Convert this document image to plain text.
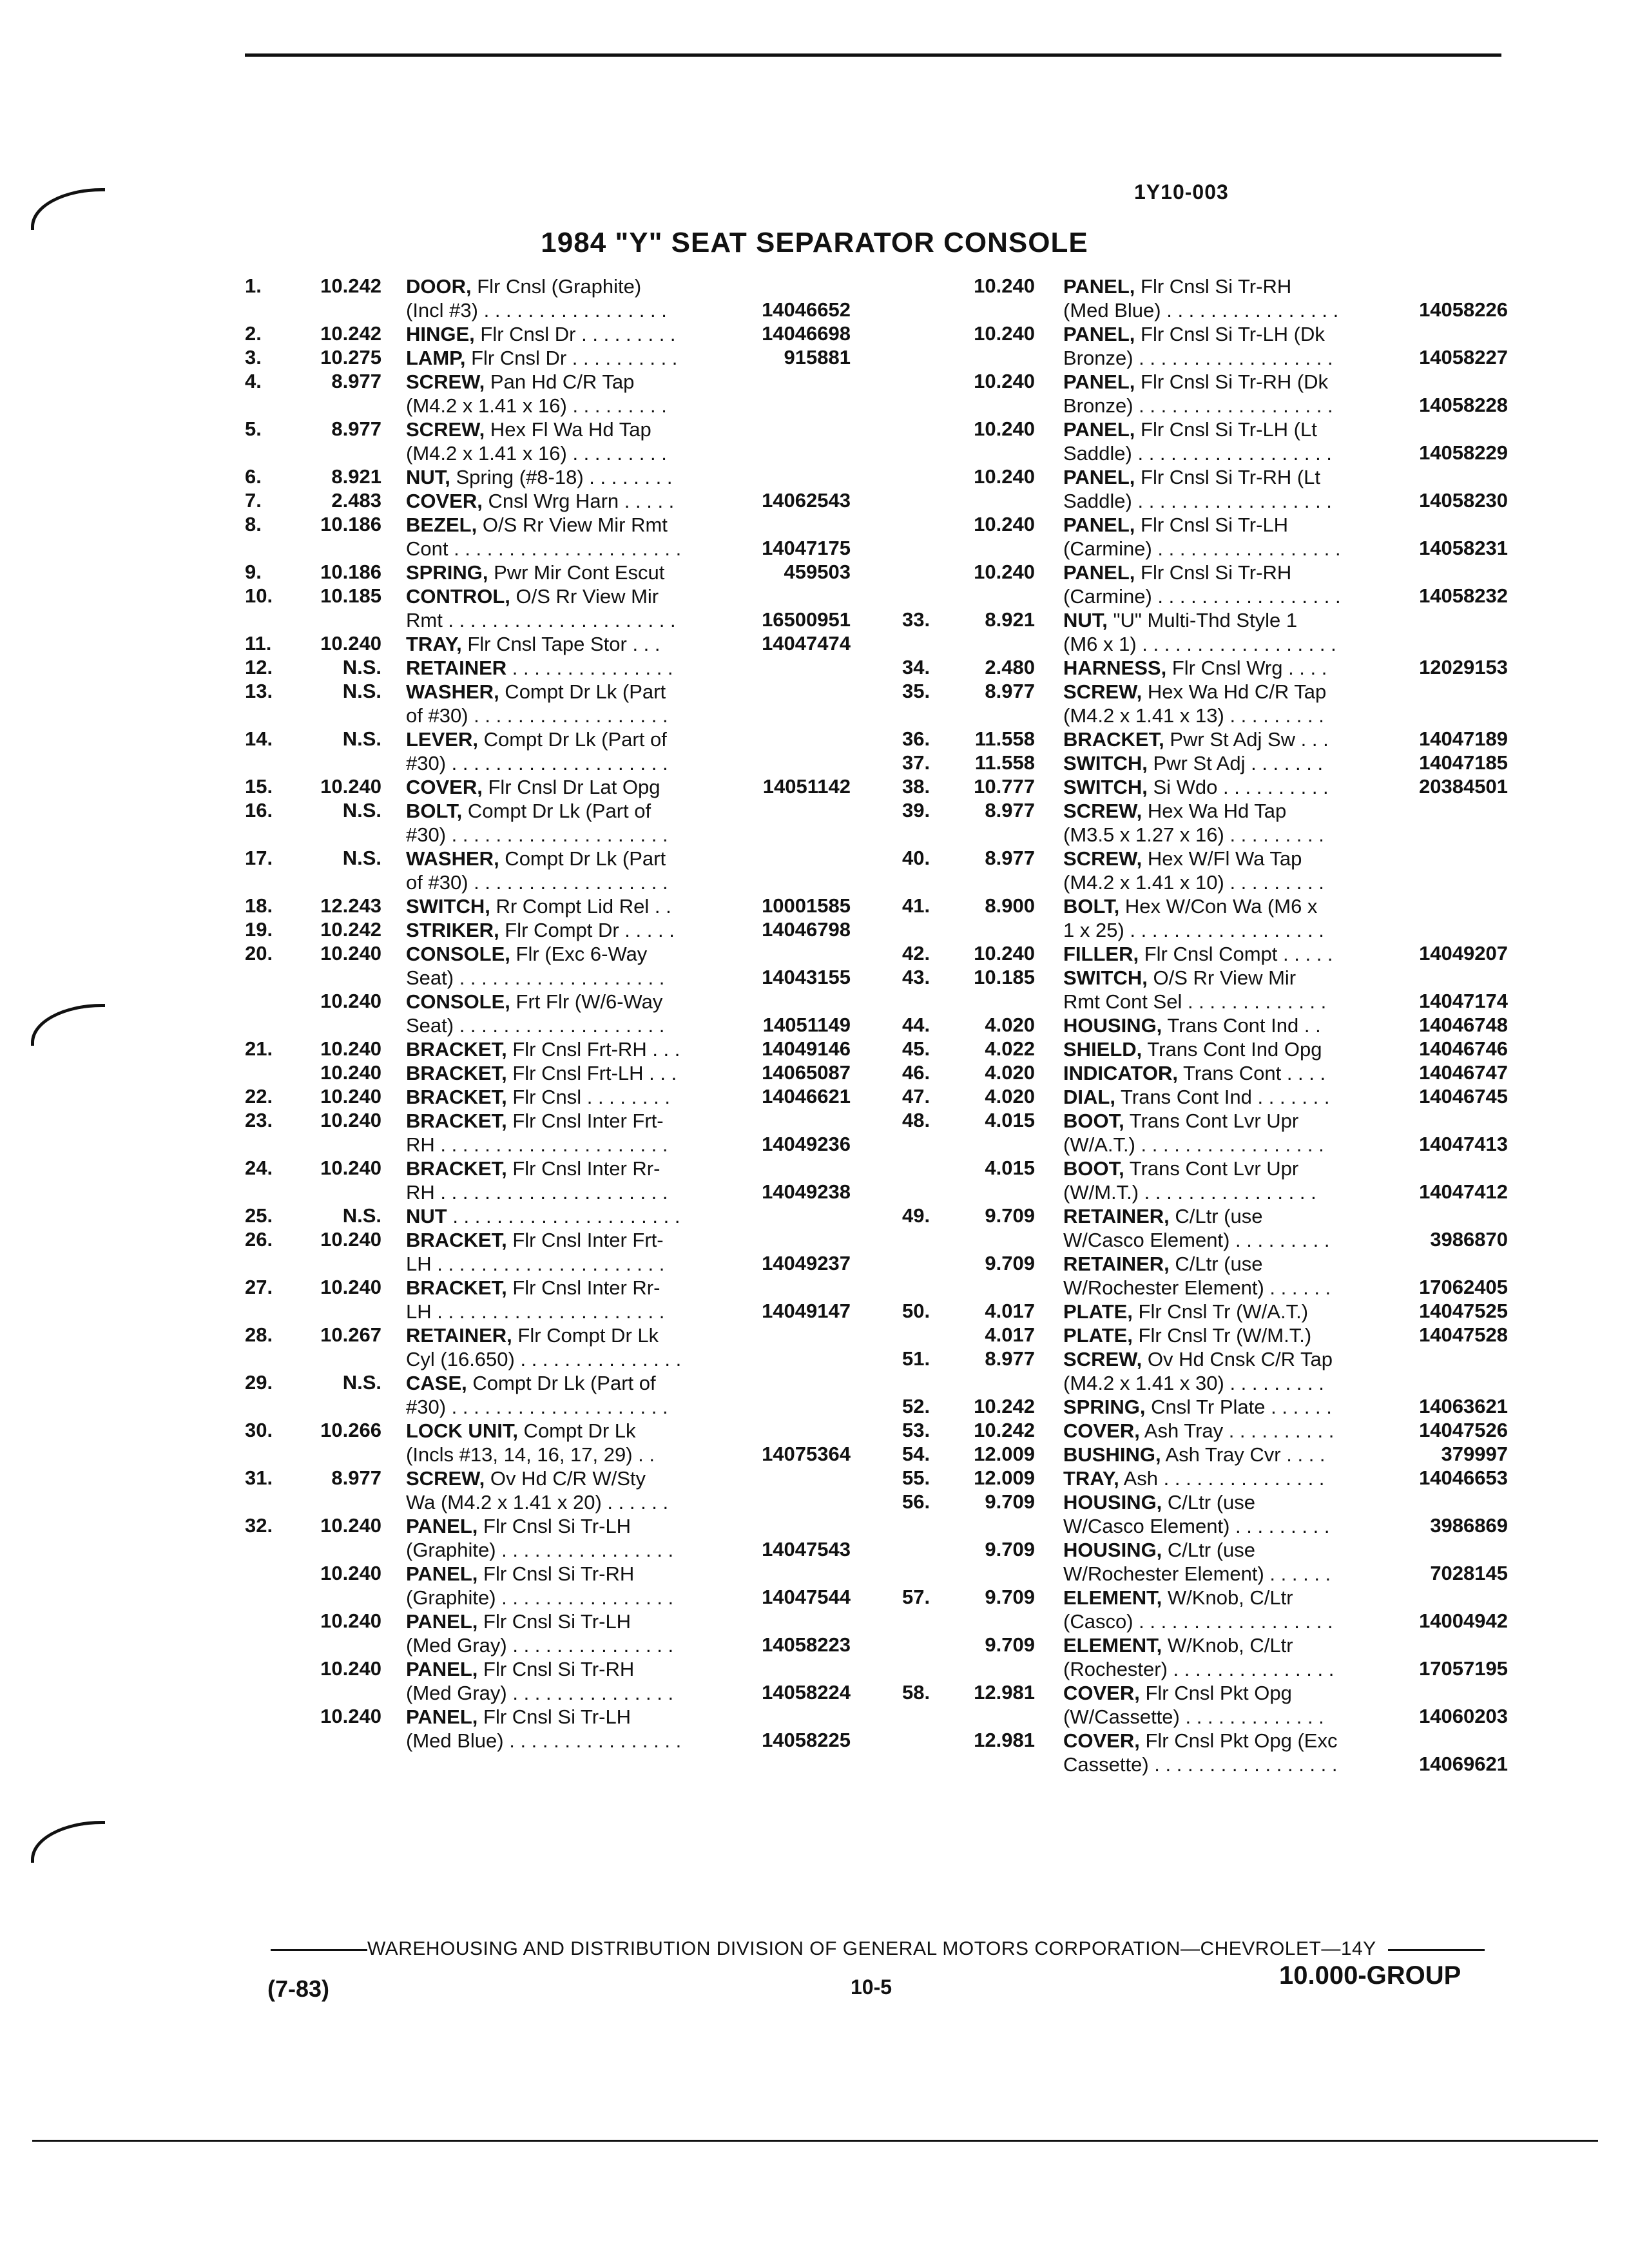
1Y10-003
1984 "Y" SEAT SEPARATOR CONSOLE
1.	10.242 DOOR, Flr Cnsl (Graphite)
(Incl #3) . . . . . . . . . . . . . . . . .	14046652
2.	10.242 HINGE, Flr Cnsl Dr . . . . . . . . .	14046698
3.	10.275 LAMP, Flr Cnsl Dr . . . . . . . . . .	915881
4.	8.977 SCREW, Pan Hd C/R Tap
(M4.2 x 1.41 x 16) . . . . . . . . .
5.	8.977 SCREW, Hex Fl Wa Hd Tap
(M4.2 x 1.41 x 16) . . . . . . . . .
6.	8.921 NUT, Spring (#8-18) . . . . . . . .
7.	2.483 COVER, Cnsl Wrg Harn . . . . .	14062543
8.	10.186 BEZEL, O/S Rr View Mir Rmt
Cont . . . . . . . . . . . . . . . . . . . . .	14047175
9.	10.186 SPRING, Pwr Mir Cont Escut	459503
10.	10.185 CONTROL, O/S Rr View Mir
Rmt . . . . . . . . . . . . . . . . . . . . .	16500951
11.	10.240 TRAY, Flr Cnsl Tape Stor . . .	14047474
12.	N.S. RETAINER . . . . . . . . . . . . . . .
13.	N.S. WASHER, Compt Dr Lk (Part
of #30) . . . . . . . . . . . . . . . . . .
14.	N.S. LEVER, Compt Dr Lk (Part of
#30) . . . . . . . . . . . . . . . . . . . .
15.	10.240 COVER, Flr Cnsl Dr Lat Opg	14051142
16.	N.S. BOLT, Compt Dr Lk (Part of
#30) . . . . . . . . . . . . . . . . . . . .
17.	N.S. WASHER, Compt Dr Lk (Part
of #30) . . . . . . . . . . . . . . . . . .
18.	12.243 SWITCH, Rr Compt Lid Rel . .	10001585
19.	10.242 STRIKER, Flr Compt Dr . . . . .	14046798
20.	10.240 CONSOLE, Flr (Exc 6-Way
Seat) . . . . . . . . . . . . . . . . . . .	14043155
10.240 CONSOLE, Frt Flr (W/6-Way
Seat) . . . . . . . . . . . . . . . . . . .	14051149
21.	10.240 BRACKET, Flr Cnsl Frt-RH . . .	14049146
10.240 BRACKET, Flr Cnsl Frt-LH . . .	14065087
22.	10.240 BRACKET, Flr Cnsl . . . . . . . .	14046621
23.	10.240 BRACKET, Flr Cnsl Inter Frt-
RH . . . . . . . . . . . . . . . . . . . . .	14049236
24.	10.240 BRACKET, Flr Cnsl Inter Rr-
RH . . . . . . . . . . . . . . . . . . . . .	14049238
25.	N.S. NUT . . . . . . . . . . . . . . . . . . . . .
26.	10.240 BRACKET, Flr Cnsl Inter Frt-
LH . . . . . . . . . . . . . . . . . . . . .	14049237
27.	10.240 BRACKET, Flr Cnsl Inter Rr-
LH . . . . . . . . . . . . . . . . . . . . .	14049147
28.	10.267 RETAINER, Flr Compt Dr Lk
Cyl (16.650) . . . . . . . . . . . . . . .
29.	N.S. CASE, Compt Dr Lk (Part of
#30) . . . . . . . . . . . . . . . . . . . .
30.	10.266 LOCK UNIT, Compt Dr Lk
(Incls #13, 14, 16, 17, 29) . .	14075364
31.	8.977 SCREW, Ov Hd C/R W/Sty
Wa (M4.2 x 1.41 x 20) . . . . . .
32.	10.240 PANEL, Flr Cnsl Si Tr-LH
(Graphite) . . . . . . . . . . . . . . . .	14047543
10.240 PANEL, Flr Cnsl Si Tr-RH
(Graphite) . . . . . . . . . . . . . . . .	14047544
10.240 PANEL, Flr Cnsl Si Tr-LH
(Med Gray) . . . . . . . . . . . . . . .	14058223
10.240 PANEL, Flr Cnsl Si Tr-RH
(Med Gray) . . . . . . . . . . . . . . .	14058224
10.240 PANEL, Flr Cnsl Si Tr-LH
(Med Blue) . . . . . . . . . . . . . . . .	14058225
10.240 PANEL, Flr Cnsl Si Tr-RH
(Med Blue) . . . . . . . . . . . . . . . .	14058226
10.240 PANEL, Flr Cnsl Si Tr-LH (Dk
Bronze) . . . . . . . . . . . . . . . . . .	14058227
10.240 PANEL, Flr Cnsl Si Tr-RH (Dk
Bronze) . . . . . . . . . . . . . . . . . .	14058228
10.240 PANEL, Flr Cnsl Si Tr-LH (Lt
Saddle) . . . . . . . . . . . . . . . . . .	14058229
10.240 PANEL, Flr Cnsl Si Tr-RH (Lt
Saddle) . . . . . . . . . . . . . . . . . .	14058230
10.240 PANEL, Flr Cnsl Si Tr-LH
(Carmine) . . . . . . . . . . . . . . . . .	14058231
10.240 PANEL, Flr Cnsl Si Tr-RH
(Carmine) . . . . . . . . . . . . . . . . .	14058232
33.	8.921 NUT, "U" Multi-Thd Style 1
(M6 x 1) . . . . . . . . . . . . . . . . . .
34.	2.480 HARNESS, Flr Cnsl Wrg . . . .	12029153
35.	8.977 SCREW, Hex Wa Hd C/R Tap
(M4.2 x 1.41 x 13) . . . . . . . . .
36.	11.558 BRACKET, Pwr St Adj Sw . . .	14047189
37.	11.558 SWITCH, Pwr St Adj . . . . . . .	14047185
38.	10.777 SWITCH, Si Wdo . . . . . . . . . .	20384501
39.	8.977 SCREW, Hex Wa Hd Tap
(M3.5 x 1.27 x 16) . . . . . . . . .
40.	8.977 SCREW, Hex W/Fl Wa Tap
(M4.2 x 1.41 x 10) . . . . . . . . .
41.	8.900 BOLT, Hex W/Con Wa (M6 x
1 x 25) . . . . . . . . . . . . . . . . . .
42.	10.240 FILLER, Flr Cnsl Compt . . . . .	14049207
43.	10.185 SWITCH, O/S Rr View Mir
Rmt Cont Sel . . . . . . . . . . . . .	14047174
44.	4.020 HOUSING, Trans Cont Ind . .	14046748
45.	4.022 SHIELD, Trans Cont Ind Opg	14046746
46.	4.020 INDICATOR, Trans Cont . . . .	14046747
47.	4.020 DIAL, Trans Cont Ind . . . . . . .	14046745
48.	4.015 BOOT, Trans Cont Lvr Upr
(W/A.T.) . . . . . . . . . . . . . . . . .	14047413
4.015 BOOT, Trans Cont Lvr Upr
(W/M.T.) . . . . . . . . . . . . . . . .	14047412
49.	9.709 RETAINER, C/Ltr (use
W/Casco Element) . . . . . . . . .	3986870
9.709 RETAINER, C/Ltr (use
W/Rochester Element) . . . . . .	17062405
50.	4.017 PLATE, Flr Cnsl Tr (W/A.T.)	14047525
4.017 PLATE, Flr Cnsl Tr (W/M.T.)	14047528
51.	8.977 SCREW, Ov Hd Cnsk C/R Tap
(M4.2 x 1.41 x 30) . . . . . . . . .
52.	10.242 SPRING, Cnsl Tr Plate . . . . . .	14063621
53.	10.242 COVER, Ash Tray . . . . . . . . . .	14047526
54.	12.009 BUSHING, Ash Tray Cvr . . . .	379997
55.	12.009 TRAY, Ash . . . . . . . . . . . . . . .	14046653
56.	9.709 HOUSING, C/Ltr (use
W/Casco Element) . . . . . . . . .	3986869
9.709 HOUSING, C/Ltr (use
W/Rochester Element) . . . . . .	7028145
57.	9.709 ELEMENT, W/Knob, C/Ltr
(Casco) . . . . . . . . . . . . . . . . . .	14004942
9.709 ELEMENT, W/Knob, C/Ltr
(Rochester) . . . . . . . . . . . . . . .	17057195
58.	12.981 COVER, Flr Cnsl Pkt Opg
(W/Cassette) . . . . . . . . . . . . .	14060203
12.981 COVER, Flr Cnsl Pkt Opg (Exc
Cassette) . . . . . . . . . . . . . . . . .	14069621
WAREHOUSING AND DISTRIBUTION DIVISION OF GENERAL MOTORS CORPORATION—CHEVROLET—14Y
(7-83)	10-5	10.000-GROUP
